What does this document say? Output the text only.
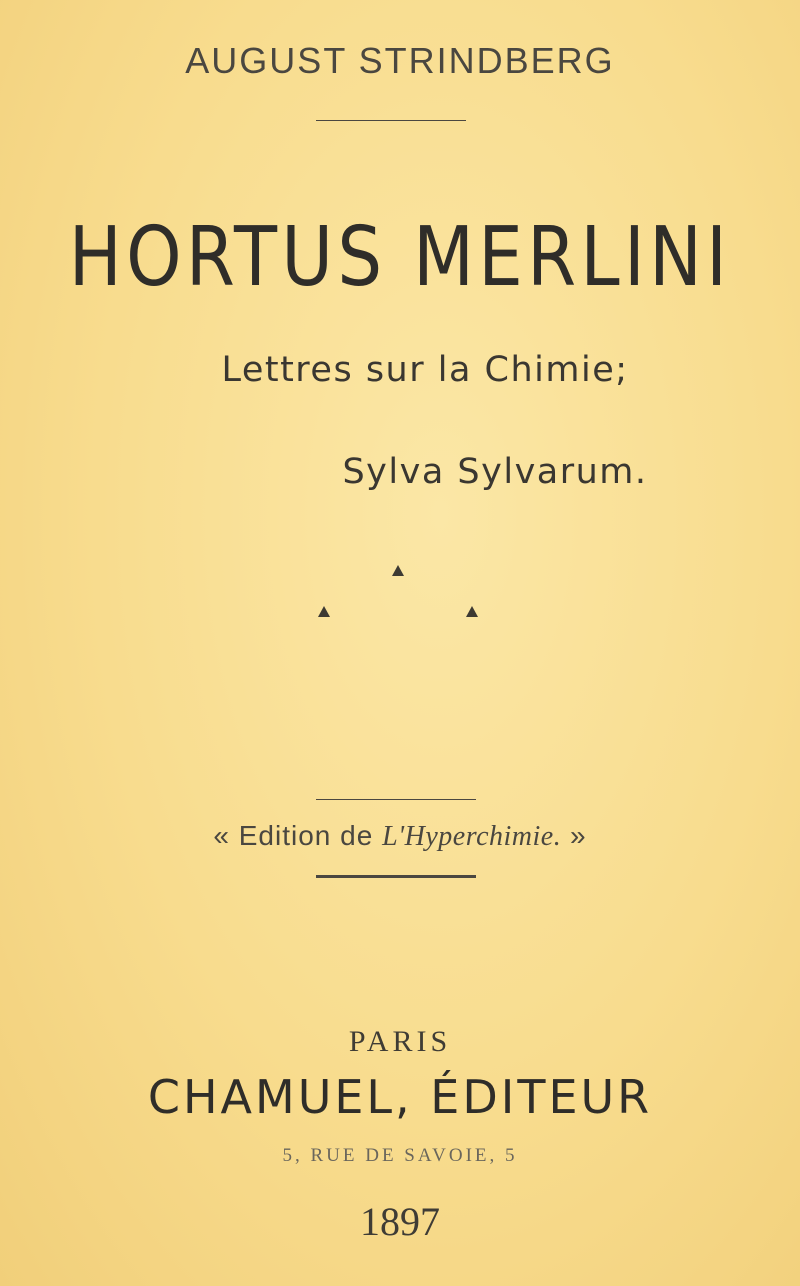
AUGUST STRINDBERG
HORTUS MERLINI
Lettres sur la Chimie;
Sylva Sylvarum.
« Edition de L'Hyperchimie. »
PARIS
CHAMUEL, ÉDITEUR
5, RUE DE SAVOIE, 5
1897
